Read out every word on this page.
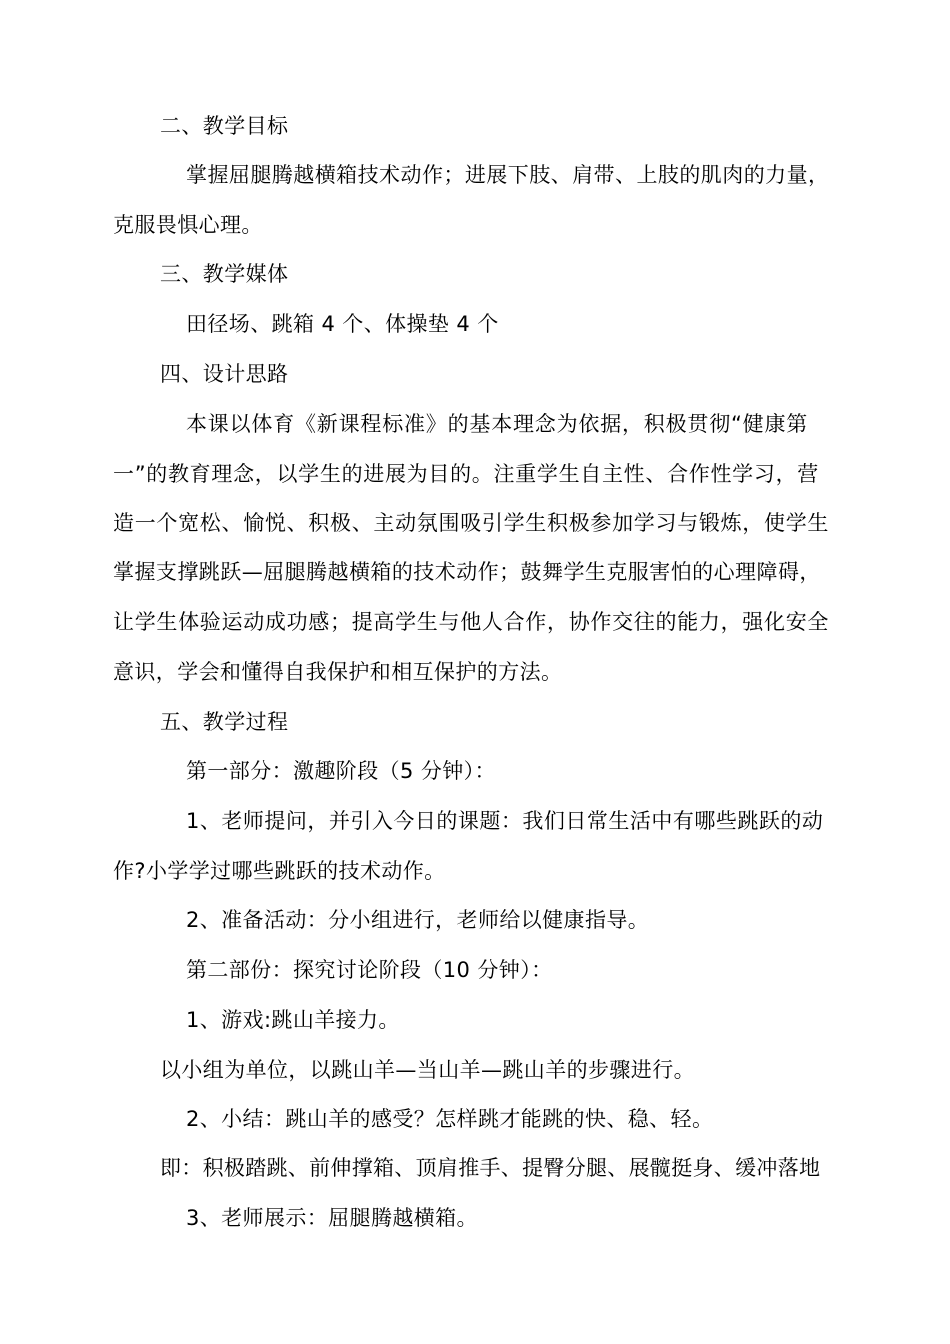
二、教学目标
掌握屈腿腾越横箱技术动作；进展下肢、肩带、上肢的肌肉的力量，
克服畏惧心理。
三、教学媒体
田径场、跳箱 4 个、体操垫 4 个
四、设计思路
本课以体育《新课程标准》的基本理念为依据，积极贯彻“健康第
一”的教育理念，以学生的进展为目的。注重学生自主性、合作性学习，营
造一个宽松、愉悦、积极、主动氛围吸引学生积极参加学习与锻炼，使学生
掌握支撑跳跃—屈腿腾越横箱的技术动作；鼓舞学生克服害怕的心理障碍，
让学生体验运动成功感；提高学生与他人合作，协作交往的能力，强化安全
意识，学会和懂得自我保护和相互保护的方法。
五、教学过程
第一部分：激趣阶段（5 分钟）：
1、老师提问，并引入今日的课题：我们日常生活中有哪些跳跃的动
作?小学学过哪些跳跃的技术动作。
2、准备活动：分小组进行，老师给以健康指导。
第二部份：探究讨论阶段（10 分钟）：
1、游戏:跳山羊接力。
以小组为单位，以跳山羊—当山羊—跳山羊的步骤进行。
2、小结：跳山羊的感受？怎样跳才能跳的快、稳、轻。
即：积极踏跳、前伸撑箱、顶肩推手、提臀分腿、展髋挺身、缓冲落地
3、老师展示：屈腿腾越横箱。
